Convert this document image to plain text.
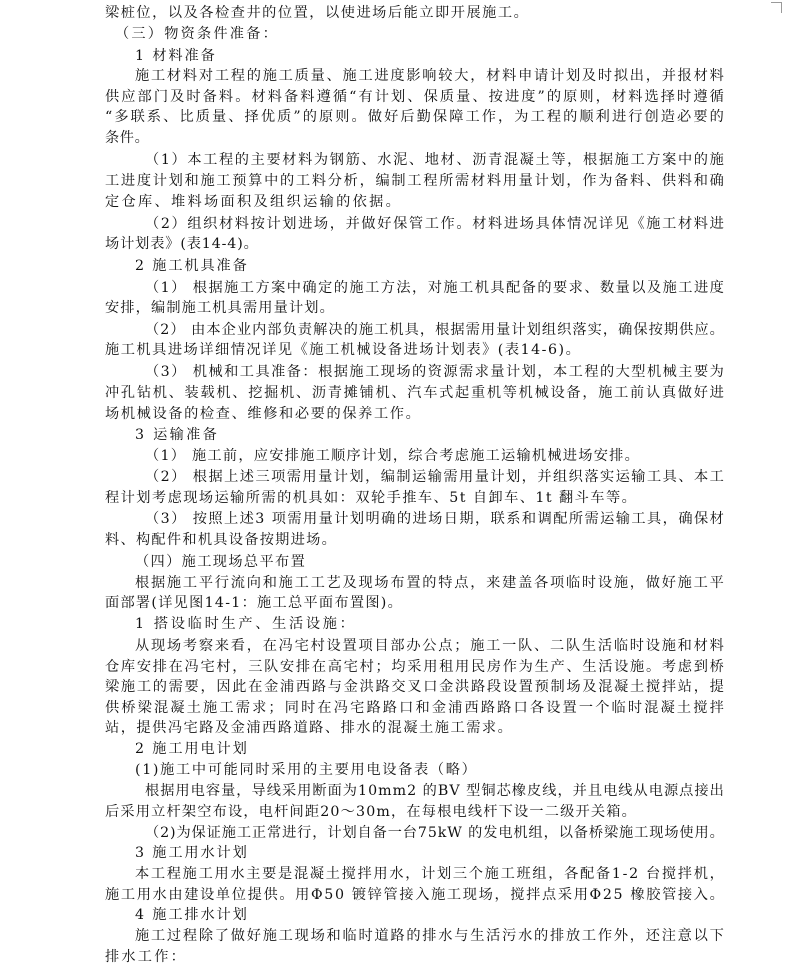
梁桩位，以及各检查井的位置，以使进场后能立即开展施工。
（三）物资条件准备：
1 材料准备
施工材料对工程的施工质量、施工进度影响较大，材料申请计划及时拟出，并报材料
供应部门及时备料。材料备料遵循“有计划、保质量、按进度”的原则，材料选择时遵循
“多联系、比质量、择优质”的原则。做好后勤保障工作，为工程的顺利进行创造必要的
条件。
（1）本工程的主要材料为钢筋、水泥、地材、沥青混凝土等，根据施工方案中的施
工进度计划和施工预算中的工料分析，编制工程所需材料用量计划，作为备料、供料和确
定仓库、堆料场面积及组织运输的依据。
（2）组织材料按计划进场，并做好保管工作。材料进场具体情况详见《施工材料进
场计划表》(表14-4)。
2 施工机具准备
（1） 根据施工方案中确定的施工方法，对施工机具配备的要求、数量以及施工进度
安排，编制施工机具需用量计划。
（2） 由本企业内部负责解决的施工机具，根据需用量计划组织落实，确保按期供应。
施工机具进场详细情况详见《施工机械设备进场计划表》(表14-6)。
（3） 机械和工具准备：根据施工现场的资源需求量计划，本工程的大型机械主要为
冲孔钻机、装载机、挖掘机、沥青摊铺机、汽车式起重机等机械设备，施工前认真做好进
场机械设备的检查、维修和必要的保养工作。
3 运输准备
（1） 施工前，应安排施工顺序计划，综合考虑施工运输机械进场安排。
（2） 根据上述三项需用量计划，编制运输需用量计划，并组织落实运输工具、本工
程计划考虑现场运输所需的机具如：双轮手推车、5t 自卸车、1t 翻斗车等。
（3） 按照上述3 项需用量计划明确的进场日期，联系和调配所需运输工具，确保材
料、构配件和机具设备按期进场。
（四）施工现场总平布置
根据施工平行流向和施工工艺及现场布置的特点，来建盖各项临时设施，做好施工平
面部署(详见图14-1：施工总平面布置图)。
1 搭设临时生产、生活设施：
从现场考察来看，在冯宅村设置项目部办公点；施工一队、二队生活临时设施和材料
仓库安排在冯宅村，三队安排在高宅村；均采用租用民房作为生产、生活设施。考虑到桥
梁施工的需要，因此在金浦西路与金洪路交叉口金洪路段设置预制场及混凝土搅拌站，提
供桥梁混凝土施工需求；同时在冯宅路路口和金浦西路路口各设置一个临时混凝土搅拌
站，提供冯宅路及金浦西路道路、排水的混凝土施工需求。
2 施工用电计划
(1)施工中可能同时采用的主要用电设备表（略）
根据用电容量，导线采用断面为10mm2 的BV 型铜芯橡皮线，并且电线从电源点接出
后采用立杆架空布设，电杆间距20～30m，在每根电线杆下设一二级开关箱。
（2)为保证施工正常进行，计划自备一台75kW 的发电机组，以备桥梁施工现场使用。
3 施工用水计划
本工程施工用水主要是混凝土搅拌用水，计划三个施工班组，各配备1-2 台搅拌机，
施工用水由建设单位提供。用Φ50 镀锌管接入施工现场，搅拌点采用Φ25 橡胶管接入。
4 施工排水计划
施工过程除了做好施工现场和临时道路的排水与生活污水的排放工作外，还注意以下
排水工作：
